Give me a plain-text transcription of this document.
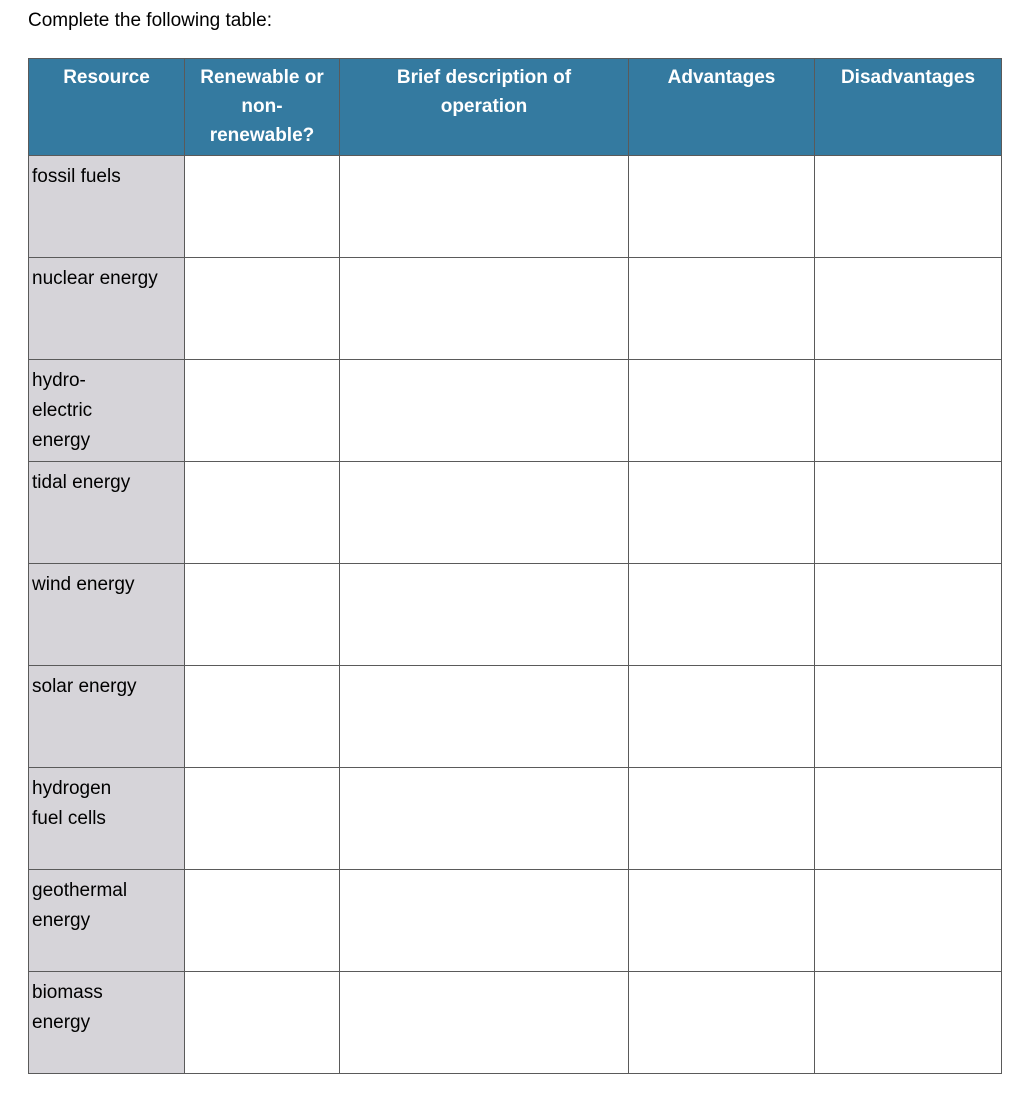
Complete the following table:

Resource	Renewable or non-renewable?	Brief description of operation	Advantages	Disadvantages
fossil fuels				
nuclear energy				
hydro-electric energy				
tidal energy				
wind energy				
solar energy				
hydrogen fuel cells				
geothermal energy				
biomass energy				
